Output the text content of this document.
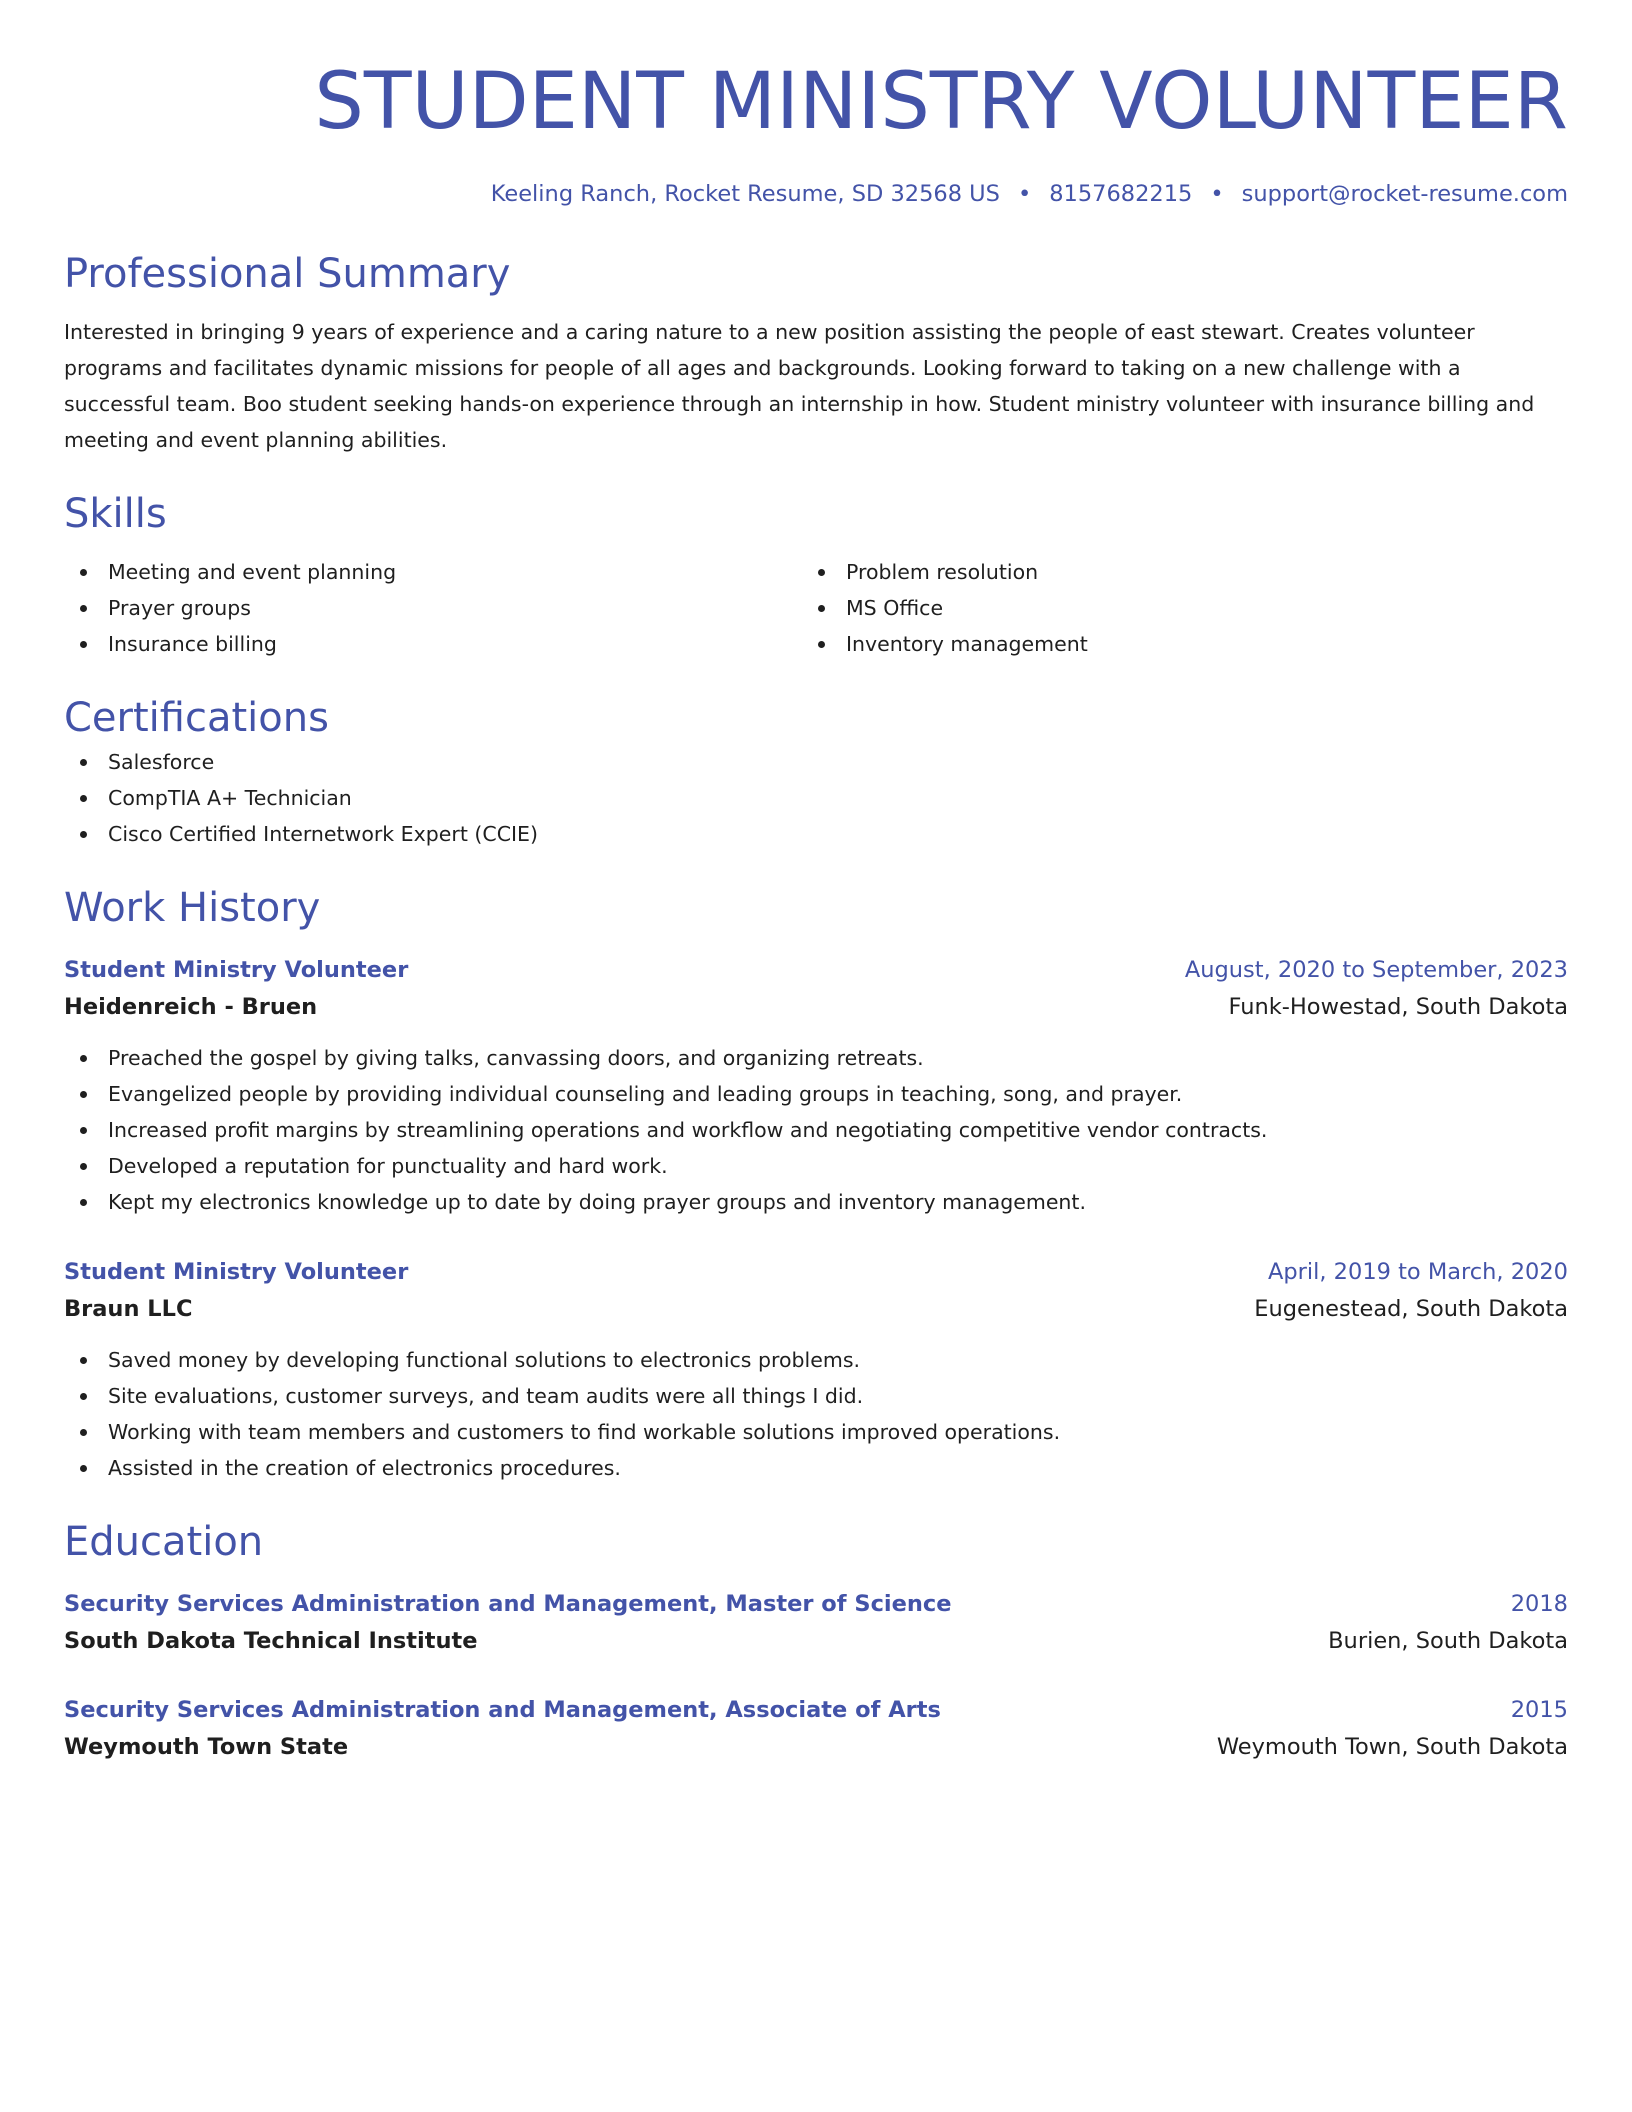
STUDENT MINISTRY VOLUNTEER
Keeling Ranch, Rocket Resume, SD 32568 US • 8157682215 • support@rocket-resume.com
Professional Summary
Interested in bringing 9 years of experience and a caring nature to a new position assisting the people of east stewart. Creates volunteer programs and facilitates dynamic missions for people of all ages and backgrounds. Looking forward to taking on a new challenge with a successful team. Boo student seeking hands-on experience through an internship in how. Student ministry volunteer with insurance billing and meeting and event planning abilities.
Skills
Meeting and event planning
Prayer groups
Insurance billing
Problem resolution
MS Office
Inventory management
Certifications
Salesforce
CompTIA A+ Technician
Cisco Certified Internetwork Expert (CCIE)
Work History
Student Ministry Volunteer	August, 2020 to September, 2023
Heidenreich - Bruen	Funk-Howestad, South Dakota
Preached the gospel by giving talks, canvassing doors, and organizing retreats.
Evangelized people by providing individual counseling and leading groups in teaching, song, and prayer.
Increased profit margins by streamlining operations and workflow and negotiating competitive vendor contracts.
Developed a reputation for punctuality and hard work.
Kept my electronics knowledge up to date by doing prayer groups and inventory management.
Student Ministry Volunteer	April, 2019 to March, 2020
Braun LLC	Eugenestead, South Dakota
Saved money by developing functional solutions to electronics problems.
Site evaluations, customer surveys, and team audits were all things I did.
Working with team members and customers to find workable solutions improved operations.
Assisted in the creation of electronics procedures.
Education
Security Services Administration and Management, Master of Science	2018
South Dakota Technical Institute	Burien, South Dakota
Security Services Administration and Management, Associate of Arts	2015
Weymouth Town State	Weymouth Town, South Dakota
